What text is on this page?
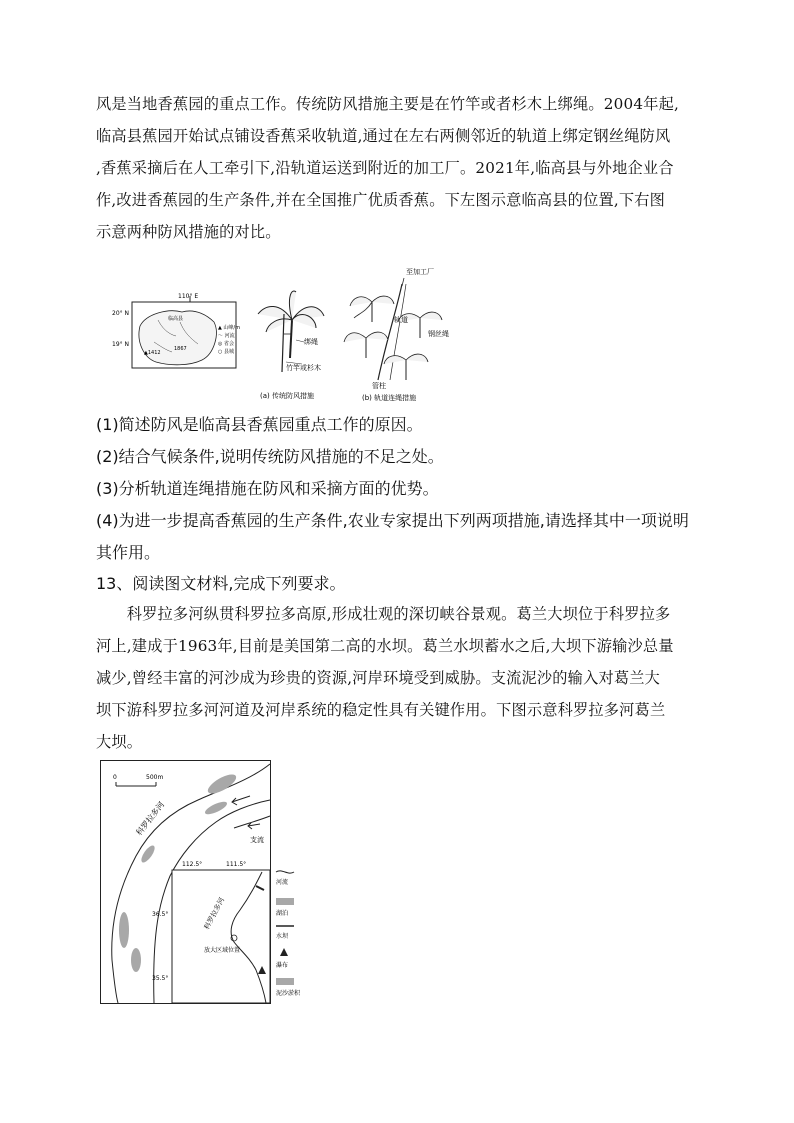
风是当地香蕉园的重点工作。传统防风措施主要是在竹竿或者杉木上绑绳。2004年起,
临高县蕉园开始试点铺设香蕉采收轨道,通过在左右两侧邻近的轨道上绑定钢丝绳防风
,香蕉采摘后在人工牵引下,沿轨道运送到附近的加工厂。2021年,临高县与外地企业合
作,改进香蕉园的生产条件,并在全国推广优质香蕉。下左图示意临高县的位置,下右图
示意两种防风措施的对比。
110° E
20° N
19° N
临高县
1867
▲1412
▲ 山峰/m
〜 河流
◎ 省会
○ 县城
绑绳
竹竿或杉木
(a) 传统防风措施
至加工厂
轨道
钢丝绳
管柱
(b) 轨道连绳措施

(1)简述防风是临高县香蕉园重点工作的原因。

(2)结合气候条件,说明传统防风措施的不足之处。

(3)分析轨道连绳措施在防风和采摘方面的优势。

(4)为进一步提高香蕉园的生产条件,农业专家提出下列两项措施,请选择其中一项说明

其作用。

13、阅读图文材料,完成下列要求。

　　科罗拉多河纵贯科罗拉多高原,形成壮观的深切峡谷景观。葛兰大坝位于科罗拉多
河上,建成于1963年,目前是美国第二高的水坝。葛兰水坝蓄水之后,大坝下游输沙总量
减少,曾经丰富的河沙成为珍贵的资源,河岸环境受到威胁。支流泥沙的输入对葛兰大
坝下游科罗拉多河河道及河岸系统的稳定性具有关键作用。下图示意科罗拉多河葛兰
大坝。
0	500m
支流
科罗拉多河
112.5°	111.5°
36.5°
35.5°
科罗拉多河
放大区域位置
河流
湖泊
水坝
瀑布
泥沙淤积
